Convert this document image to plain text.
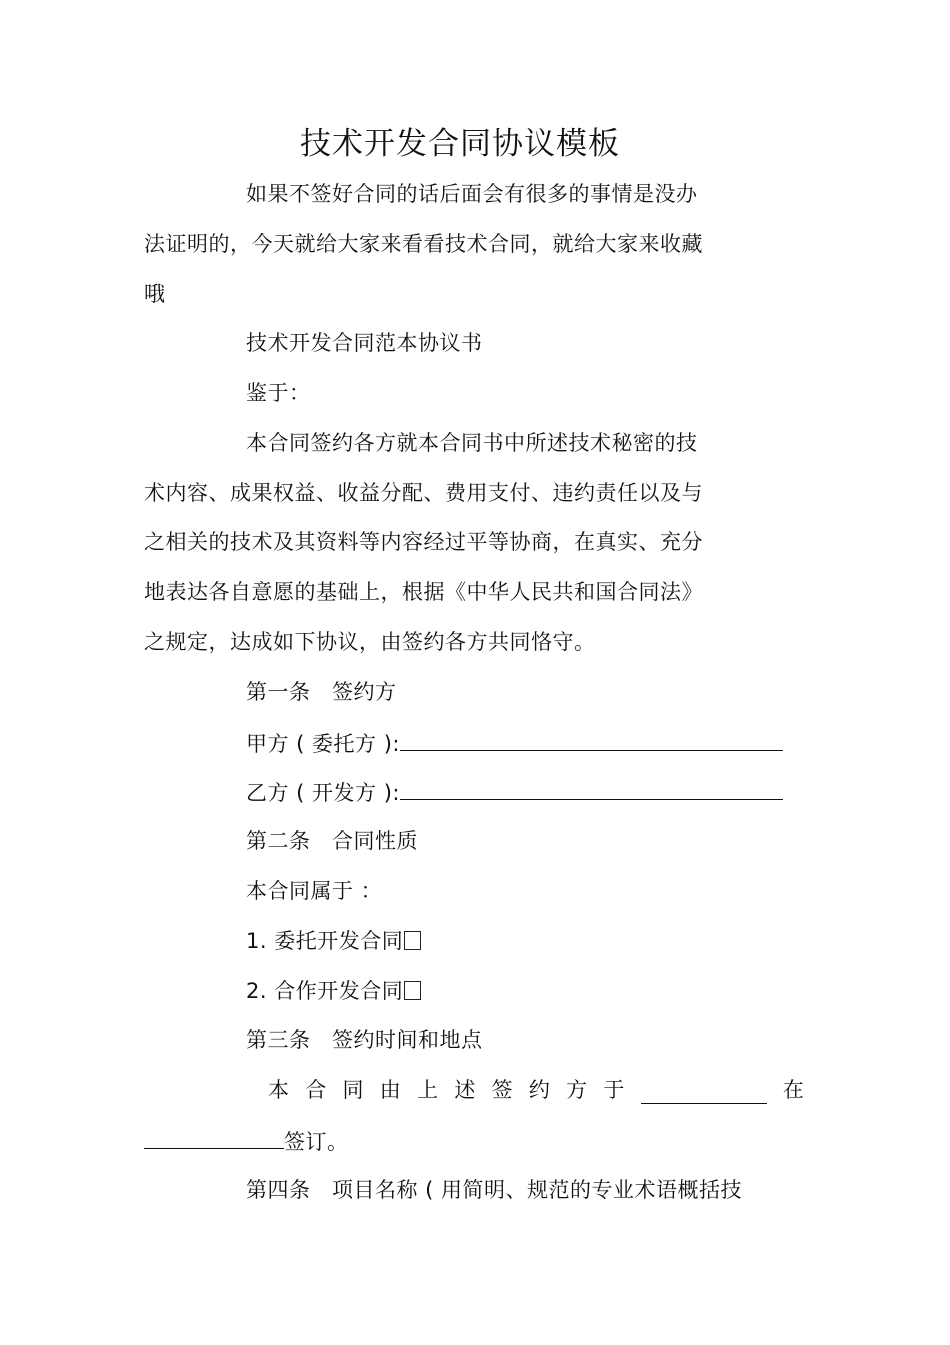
技术开发合同协议模板
如果不签好合同的话后面会有很多的事情是没办
法证明的，今天就给大家来看看技术合同，就给大家来收藏
哦
技术开发合同范本协议书
鉴于：
本合同签约各方就本合同书中所述技术秘密的技
术内容、成果权益、收益分配、费用支付、违约责任以及与
之相关的技术及其资料等内容经过平等协商，在真实、充分
地表达各自意愿的基础上，根据《中华人民共和国合同法》
之规定，达成如下协议，由签约各方共同恪守。
第一条　签约方
甲方 ( 委托方 ):
乙方 ( 开发方 ):
第二条　合同性质
本合同属于 ：
1. 委托开发合同
2. 合作开发合同
第三条　签约时间和地点
本 合 同 由 上 述 签 约 方 于	在
签订。
第四条　项目名称 ( 用简明、规范的专业术语概括技
